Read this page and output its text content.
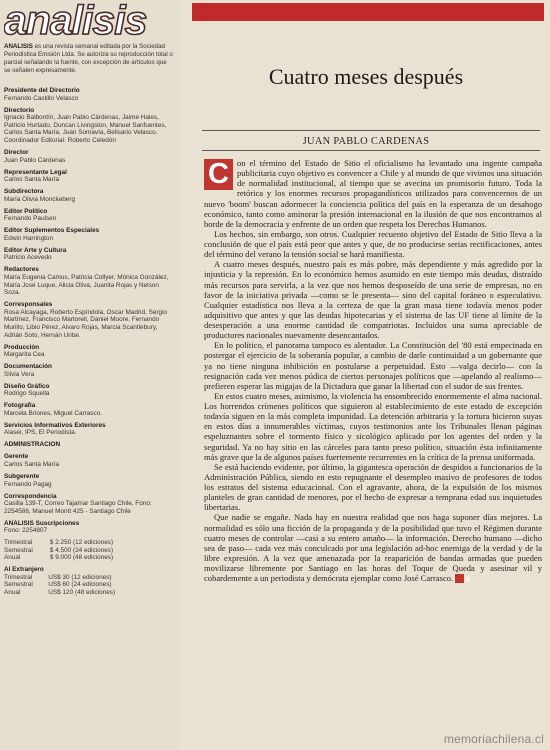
analisis
ANALISIS es una revista semanal editada por la Sociedad Periodística Emisión Ltda. Se autoriza su reproducción total o parcial señalando la fuente, con excepción de artículos que se señalen expresamente.
Presidente del Directorio
Fernando Castillo Velasco
Directorio
Ignacio Balbontín, Juan Pablo Cárdenas, Jaime Hales, Patricio Hurtado, Duncan Livingston, Manuel Sanfuentes, Carlos Santa María, Juan Somavía, Belisario Velasco. Coordinador Editorial: Roberto Celedón
Director
Juan Pablo Cárdenas
Representante Legal
Carlos Santa María
Subdirectora
María Olivia Monckeberg
Editor Político
Fernando Paulsen
Editor Suplementos Especiales
Edwin Harrington
Editor Arte y Cultura
Patricio Acevedo
Redactores
María Eugenia Camus, Patricia Collyer, Mónica González, María José Luque, Alicia Oliva, Juanita Rojas y Nelson Soza.
Corresponsales
Rosa Alcayaga, Roberto Espíndola, Oscar Madrid, Sergio Martínez, Francisco Martorell, Daniel Moore, Fernando Murillo, Libio Pérez, Alvaro Rojas, Marcia Scantlebury, Adrián Soto, Hernán Uribe.
Producción
Margarita Cea
Documentación
Silvia Vera
Diseño Gráfico
Rodrigo Squella
Fotografía
Marcela Briones, Miguel Carrasco.
Servicios Informativos Exteriores
Alasei, IPS, El Periodista.
ADMINISTRACION
Gerente
Carlos Santa María
Subgerente
Fernando Pagag
Correspondencia
Casilla 139-T, Correo Tajamar Santiago Chile, Fono: 2254586, Manuel Montt 425 - Santiago Chile
ANALISIS Suscripciones
Fono: 2254807
Trimestral	$ 2.250 (12 ediciones)
Semestral	$ 4.500 (24 ediciones)
Anual	$ 9.000 (48 ediciones)
Al Extranjero
Trimestral	US$ 30 (12 ediciones)
Semestral	US$ 60 (24 ediciones)
Anual	US$ 120 (48 ediciones)
Cuatro meses después
JUAN PABLO CARDENAS

C on el término del Estado de Sitio el oficialismo ha levantado una ingente campaña publicitaria cuyo objetivo es convencer a Chile y al mundo de que vivimos una situación de normalidad institucional, al tiempo que se avecina un promisorio futuro. Toda la retórica y los enormes recursos propagandísticos utilizados para convencernos de un nuevo 'boom' buscan adormecer la conciencia política del país en la esperanza de un desahogo económico, tanto como aminorar la presión internacional en la ilusión de que nos encontramos al borde de la democracia y enfrente de un orden que respeta los Derechos Humanos.

Los hechos, sin embargo, son otros. Cualquier recuento objetivo del Estado de Sitio lleva a la conclusión de que el país está peor que antes y que, de no producirse serias rectificaciones, antes del término del verano la tensión social se hará manifiesta.

A cuatro meses después, nuestro país es más pobre, más dependiente y más agredido por la injusticia y la represión. En lo económico hemos asumido en este tiempo más deudas, distraído más recursos para servirla, a la vez que nos hemos desposeído de una serie de empresas, no en favor de la iniciativa privada —como se le presenta— sino del capital foráneo o especulativo. Cualquier estadística nos lleva a la certeza de que la gran masa tiene todavía menos poder adquisitivo que antes y que las deudas hipotecarias y el sistema de las UF tiene al límite de la desesperación a una enorme cantidad de compatriotas. Incluidos una suma apreciable de productores nacionales nuevamente desencantados.

En lo político, el panorama tampoco es alentador. La Constitución del '80 está empecinada en postergar el ejercicio de la soberanía popular, a cambio de darle continuidad a un gobernante que ya no tiene ninguna inhibición en postularse a perpetuidad. Esto —valga decirlo— con la resignación cada vez menos púdica de ciertos personajes políticos que —apelando al realismo— prefieren esperar las migajas de la Dictadura que ganar la libertad con el sudor de sus frentes.

En estos cuatro meses, asimismo, la violencia ha ensombrecido enormemente el alma nacional. Los horrendos crímenes políticos que siguieron al establecimiento de este estado de excepción todavía siguen en la más completa impunidad. La detención arbitraria y la tortura hicieron suyas en estos días a innumerables víctimas, cuyos testimonios ante los Tribunales llenan páginas espeluznantes sobre el tormento físico y sicológico aplicado por los agentes del orden y la seguridad. Ya no hay sitio en las cárceles para tanto preso político, situación ésta infinitamente más grave que la de algunos países fuertemente recurrentes en la crítica de la prensa uniformada.

Se está haciendo evidente, por último, la gigantesca operación de despidos a funcionarios de la Administración Pública, siendo en esto repugnante el desempleo masivo de profesores de todos los estratos del sistema educacional. Con el agravante, ahora, de la expulsión de los mismos planteles de gran cantidad de menores, por el hecho de expresar a temprana edad sus inquietudes libertarias.

Que nadie se engañe. Nada hay en nuestra realidad que nos haga suponer días mejores. La normalidad es sólo una ficción de la propaganda y de la posibilidad que tuvo el Régimen durante cuatro meses de controlar —casi a su entero amaño— la información. Derecho humano —dicho sea de paso— cada vez más conculcado por una legislación ad-hoc enemiga de la verdad y de la libre expresión. A la vez que amenazada por la reaparición de bandas armadas que pueden movilizarse libremente por Santiago en las horas del Toque de Queda y asesinar vil y cobardemente a un periodista y demócrata ejemplar como José Carrasco. a

memoriachilena.cl
